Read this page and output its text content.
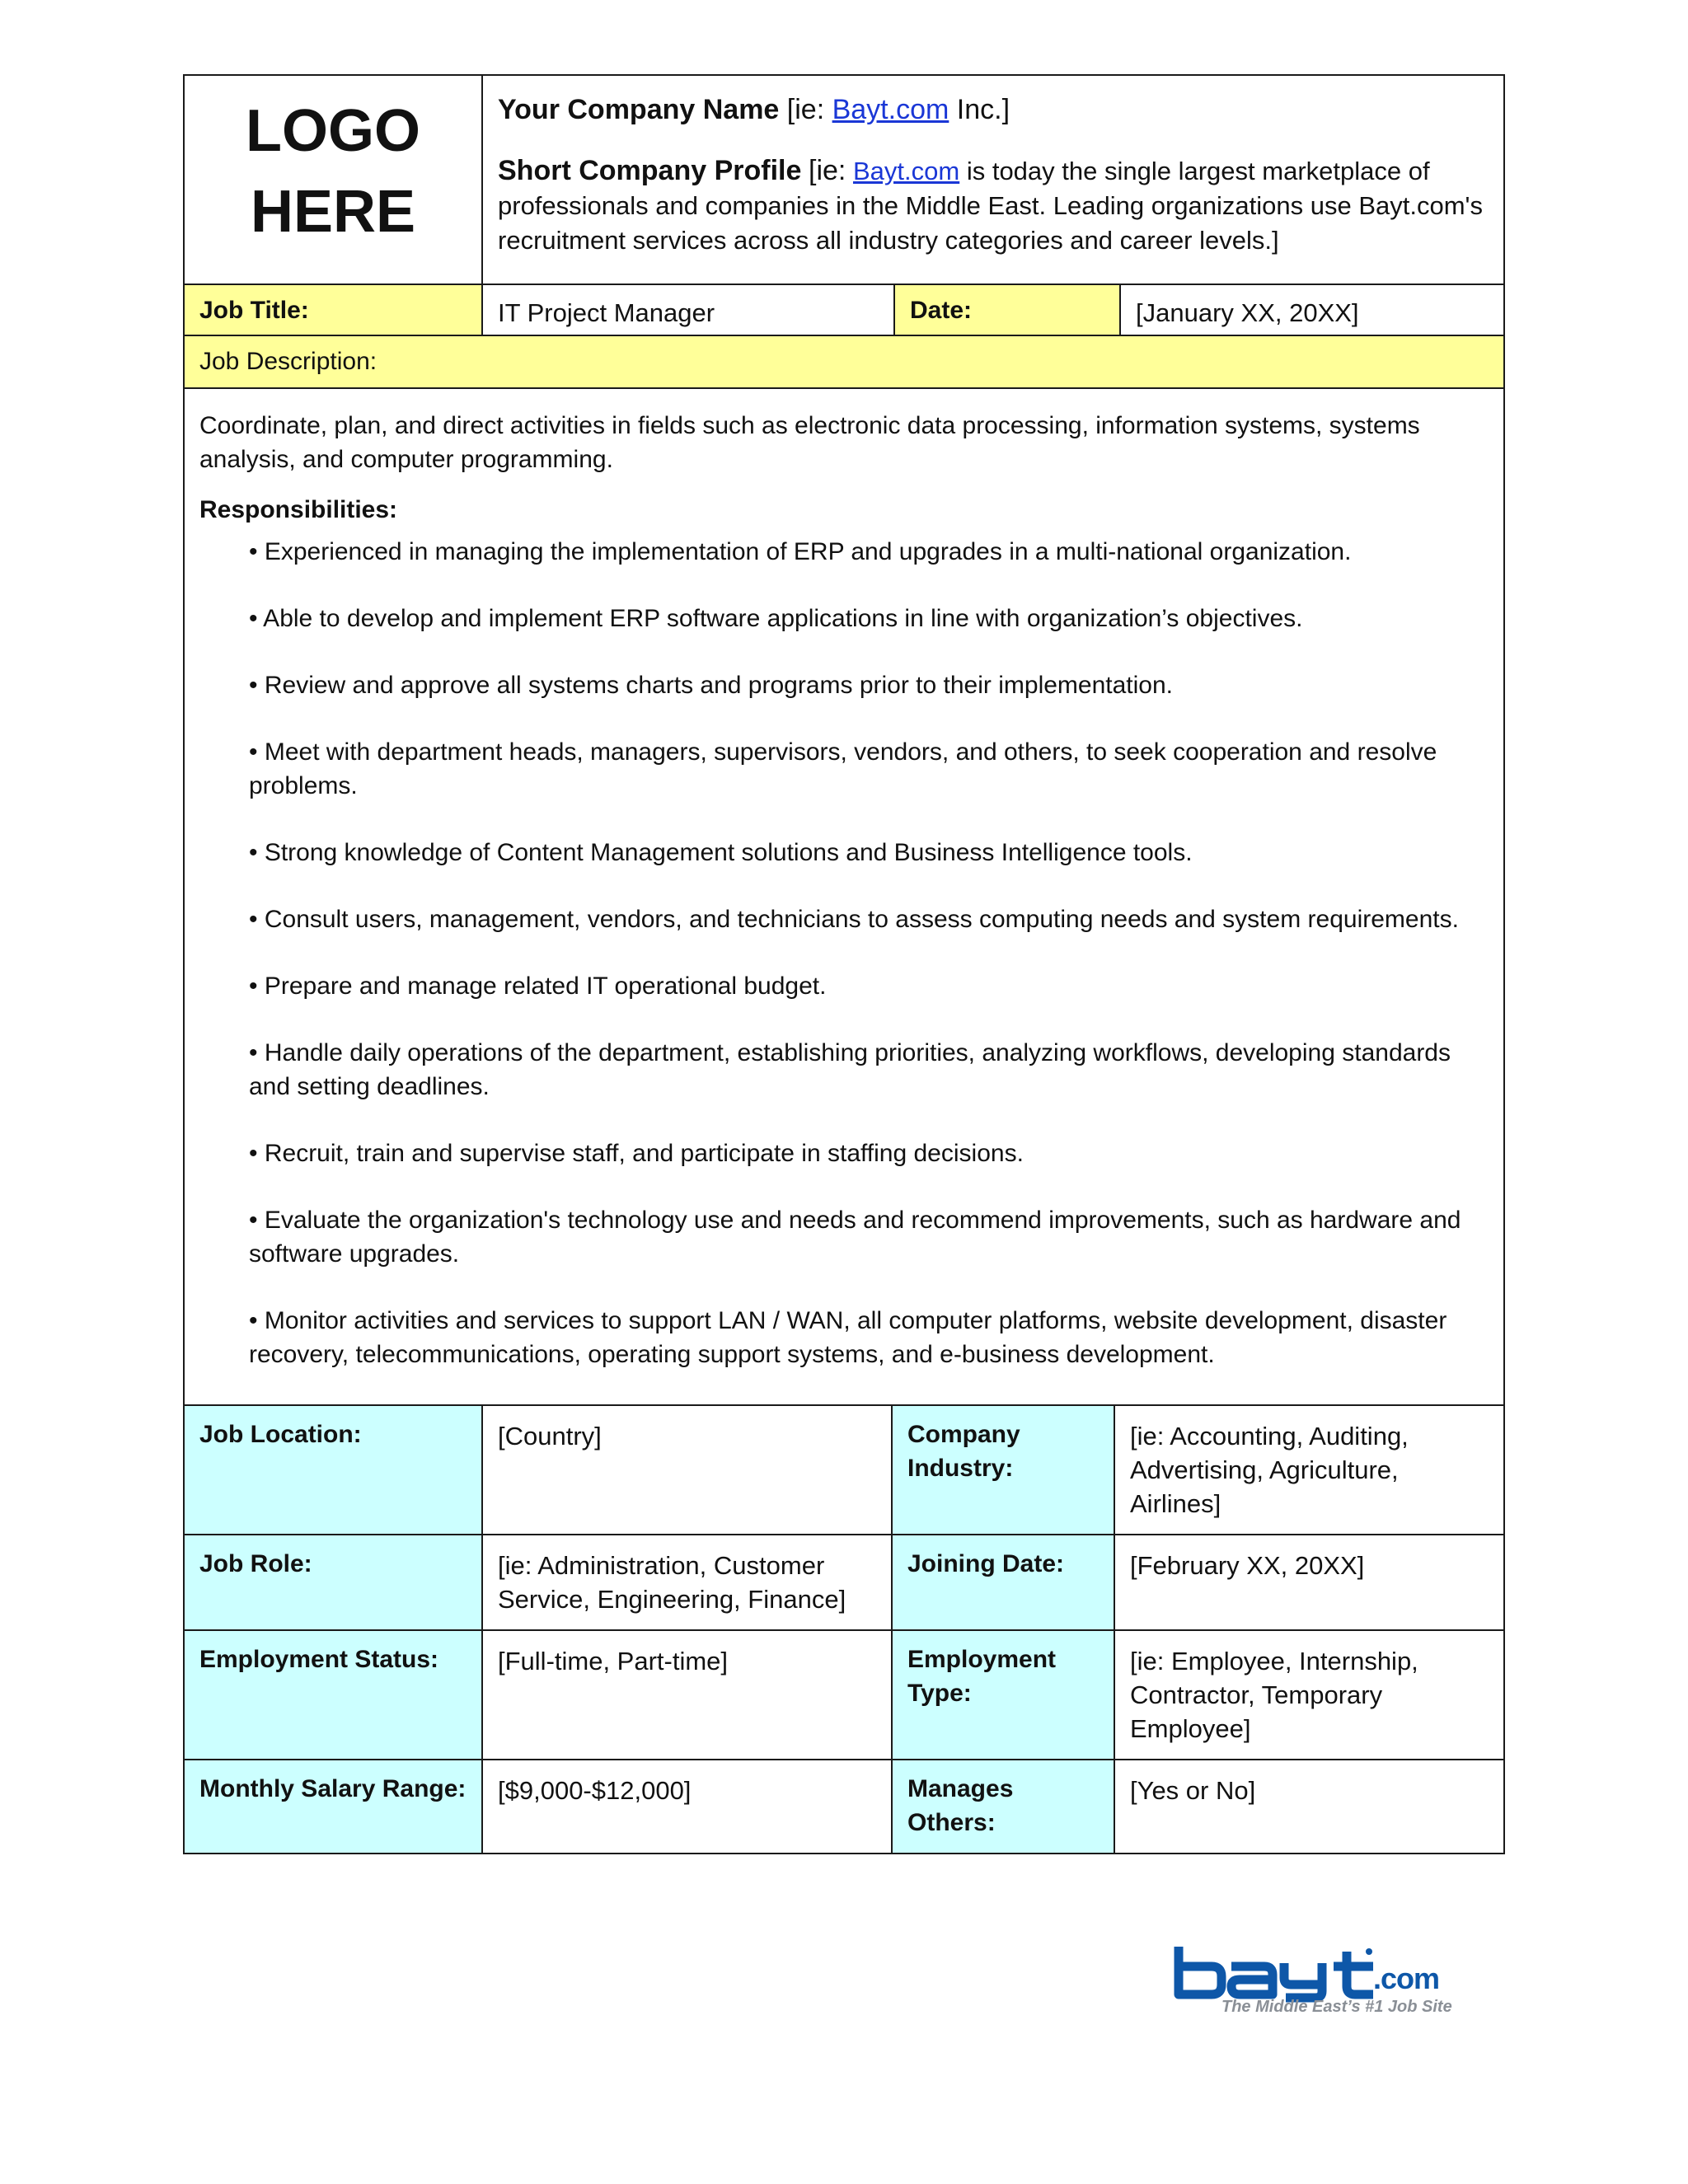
LOGO
HERE

Your Company Name [ie: Bayt.com Inc.]
Short Company Profile [ie: Bayt.com is today the single largest marketplace of professionals and companies in the Middle East. Leading organizations use Bayt.com's recruitment services across all industry categories and career levels.]
Job Title:	IT Project Manager	Date:	[January XX, 20XX]
Job Description:

Coordinate, plan, and direct activities in fields such as electronic data processing, information systems, systems analysis, and computer programming.

Responsibilities:

• Experienced in managing the implementation of ERP and upgrades in a multi-national organization.
• Able to develop and implement ERP software applications in line with organization’s objectives.
• Review and approve all systems charts and programs prior to their implementation.
• Meet with department heads, managers, supervisors, vendors, and others, to seek cooperation and resolve problems.
• Strong knowledge of Content Management solutions and Business Intelligence tools.
• Consult users, management, vendors, and technicians to assess computing needs and system requirements.
• Prepare and manage related IT operational budget.
• Handle daily operations of the department, establishing priorities, analyzing workflows, developing standards and setting deadlines.
• Recruit, train and supervise staff, and participate in staffing decisions.
• Evaluate the organization's technology use and needs and recommend improvements, such as hardware and software upgrades.
• Monitor activities and services to support LAN / WAN, all computer platforms, website development, disaster recovery, telecommunications, operating support systems, and e-business development.
Job Location:	[Country]	Company Industry:	[ie: Accounting, Auditing, Advertising, Agriculture, Airlines]
Job Role:	[ie: Administration, Customer Service, Engineering, Finance]	Joining Date:	[February XX, 20XX]
Employment Status:	[Full-time, Part-time]	Employment Type:	[ie: Employee, Internship, Contractor, Temporary Employee]
Monthly Salary Range:	[$9,000-$12,000]	Manages Others:	[Yes or No]
.com
The Middle East’s #1 Job Site
